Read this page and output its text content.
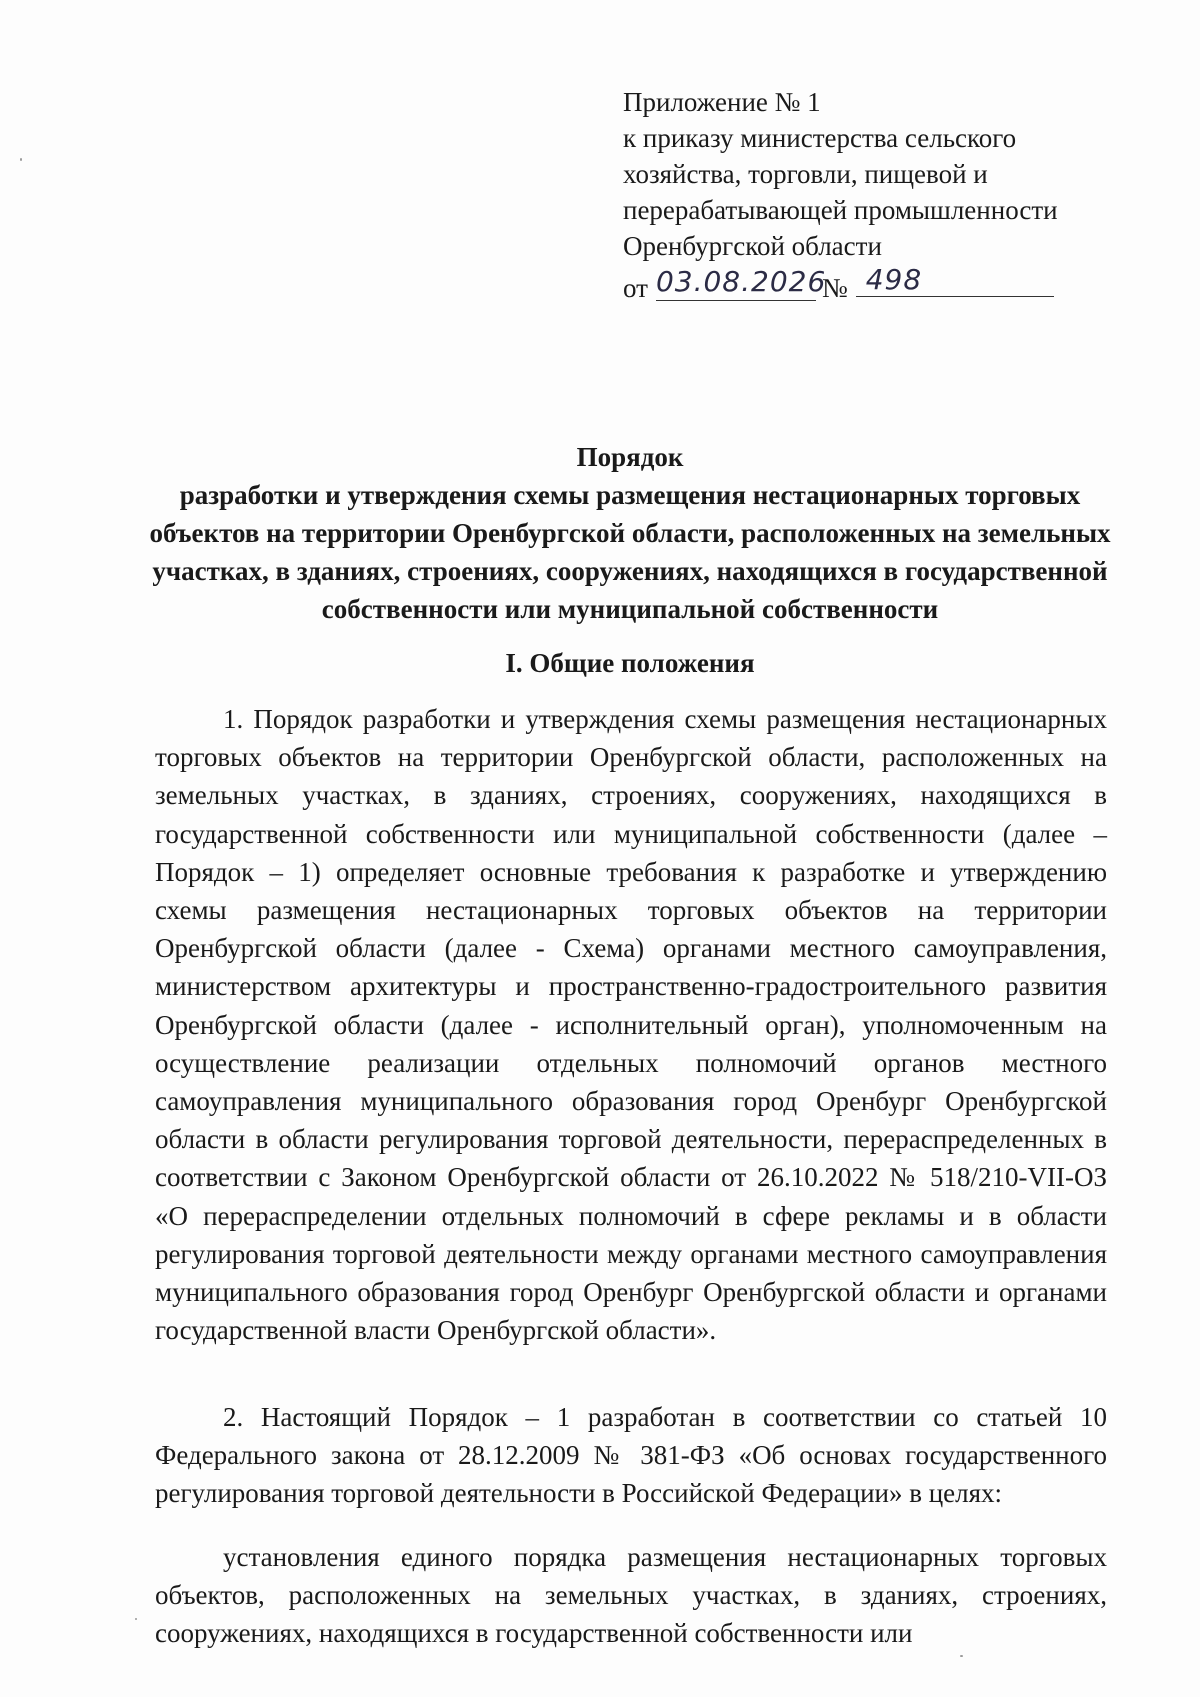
Приложение № 1
к приказу министерства сельского
хозяйства, торговли, пищевой и
перерабатывающей промышленности
Оренбургской области
от 03.08.2026№ 498
Порядок
разработки и утверждения схемы размещения нестационарных торговых объектов на территории Оренбургской области, расположенных на земельных участках, в зданиях, строениях, сооружениях, находящихся в государственной собственности или муниципальной собственности
I. Общие положения

1. Порядок разработки и утверждения схемы размещения нестационарных торговых объектов на территории Оренбургской области, расположенных на земельных участках, в зданиях, строениях, сооружениях, находящихся в государственной собственности или муниципальной собственности (далее – Порядок – 1) определяет основные требования к разработке и утверждению схемы размещения нестационарных торговых объектов на территории Оренбургской области (далее - Схема) органами местного самоуправления, министерством архитектуры и пространственно-градостроительного развития Оренбургской области (далее - исполнительный орган), уполномоченным на осуществление реализации отдельных полномочий органов местного самоуправления муниципального образования город Оренбург Оренбургской области в области регулирования торговой деятельности, перераспределенных в соответствии с Законом Оренбургской области от 26.10.2022 № 518/210-VII-ОЗ «О перераспределении отдельных полномочий в сфере рекламы и в области регулирования торговой деятельности между органами местного самоуправления муниципального образования город Оренбург Оренбургской области и органами государственной власти Оренбургской области».

2. Настоящий Порядок – 1 разработан в соответствии со статьей 10 Федерального закона от 28.12.2009 № 381-ФЗ «Об основах государственного регулирования торговой деятельности в Российской Федерации» в целях:

установления единого порядка размещения нестационарных торговых объектов, расположенных на земельных участках, в зданиях, строениях, сооружениях, находящихся в государственной собственности или
